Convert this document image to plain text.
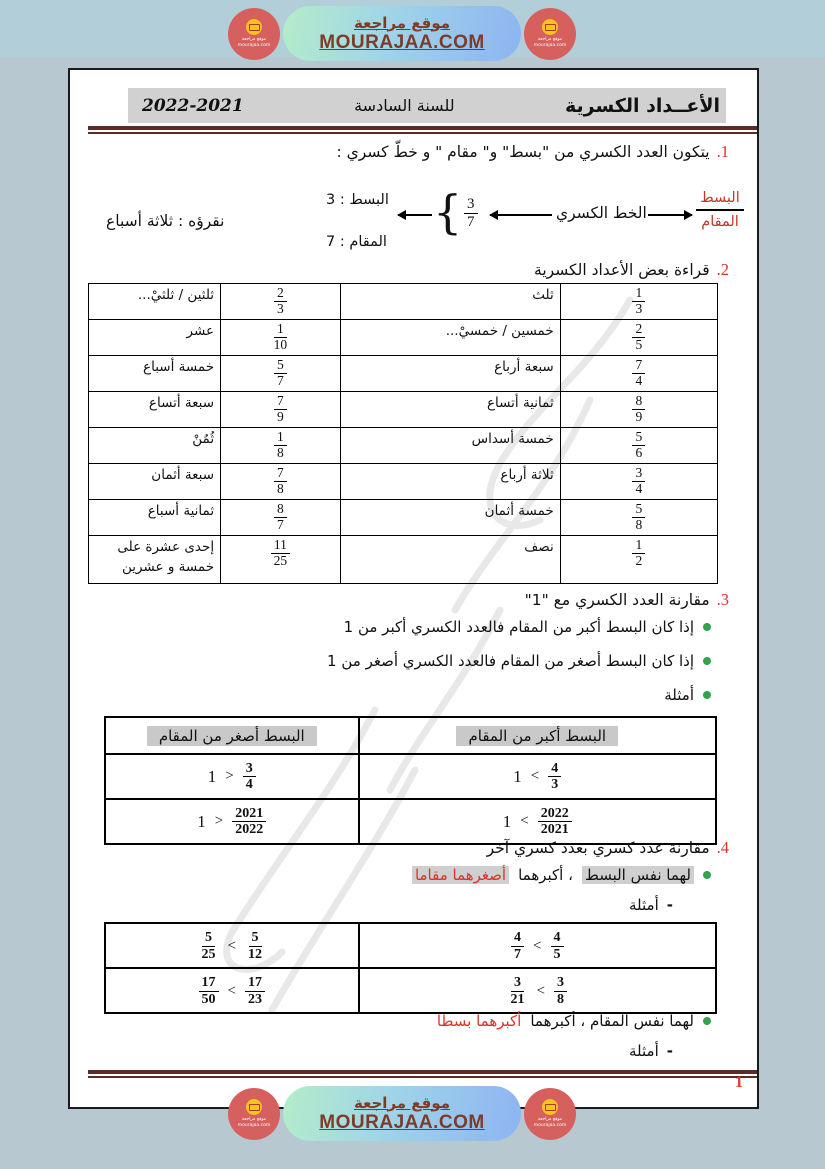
موقع مراجعة
mourajaa.com
موقع مراجعة
MOURAJAA.COM	موقع مراجعة
mourajaa.com
الأعــداد الكسرية
للسنة السادسة
2022-2021
1.يتكون العدد الكسري من "بسط" و" مقام " و خطّ كسري :
البسط
المقام
الخط الكسري
$\frac{3}{7}$
{
3 : البسط
7 : المقام
نقرؤه : ثلاثة أسباع
2.قراءة بعض الأعداد الكسرية
ثلثين / ثلثيْ...	$\frac{2}{3}$	ثلث	$\frac{1}{3}$

عشر	$\frac{1}{10}$	خمسين / خمسيْ...	$\frac{2}{5}$

خمسة أسباع	$\frac{5}{7}$	سبعة أرباع	$\frac{7}{4}$

سبعة أتساع	$\frac{7}{9}$	ثمانية أتساع	$\frac{8}{9}$

ثُمُنْ	$\frac{1}{8}$	خمسة أسداس	$\frac{5}{6}$

سبعة أثمان	$\frac{7}{8}$	ثلاثة أرباع	$\frac{3}{4}$

ثمانية أسباع	$\frac{8}{7}$	خمسة أثمان	$\frac{5}{8}$

إحدى عشرة على خمسة و عشرين	$\frac{11}{25}$	نصف	$\frac{1}{2}$
3.مقارنة العدد الكسري مع "1"
إذا كان البسط أكبر من المقام فالعدد الكسري أكبر من 1
إذا كان البسط أصغر من المقام فالعدد الكسري أصغر من 1
أمثلة
البسط أصغر من المقام	البسط أكبر من المقام

$1 > \frac{3}{4}$	$1 < \frac{4}{3}$

$1 > \frac{2021}{2022}$	$1 < \frac{2022}{2021}$
4.مقارنة عدد كسري بعدد كسري آخر
لهما نفس البسط
، أكبرهما
أصغرهما مقاما
-
أمثلة
$\frac{5}{25} < \frac{5}{12}$	$\frac{4}{7} < \frac{4}{5}$

$\frac{17}{50} < \frac{17}{23}$	$\frac{3}{21} < \frac{3}{8}$
لهما نفس المقام ، أكبرهما
أكبرهما بسطا
-
أمثلة
1
موقع مراجعة
mourajaa.com
موقع مراجعة
MOURAJAA.COM	موقع مراجعة
mourajaa.com
